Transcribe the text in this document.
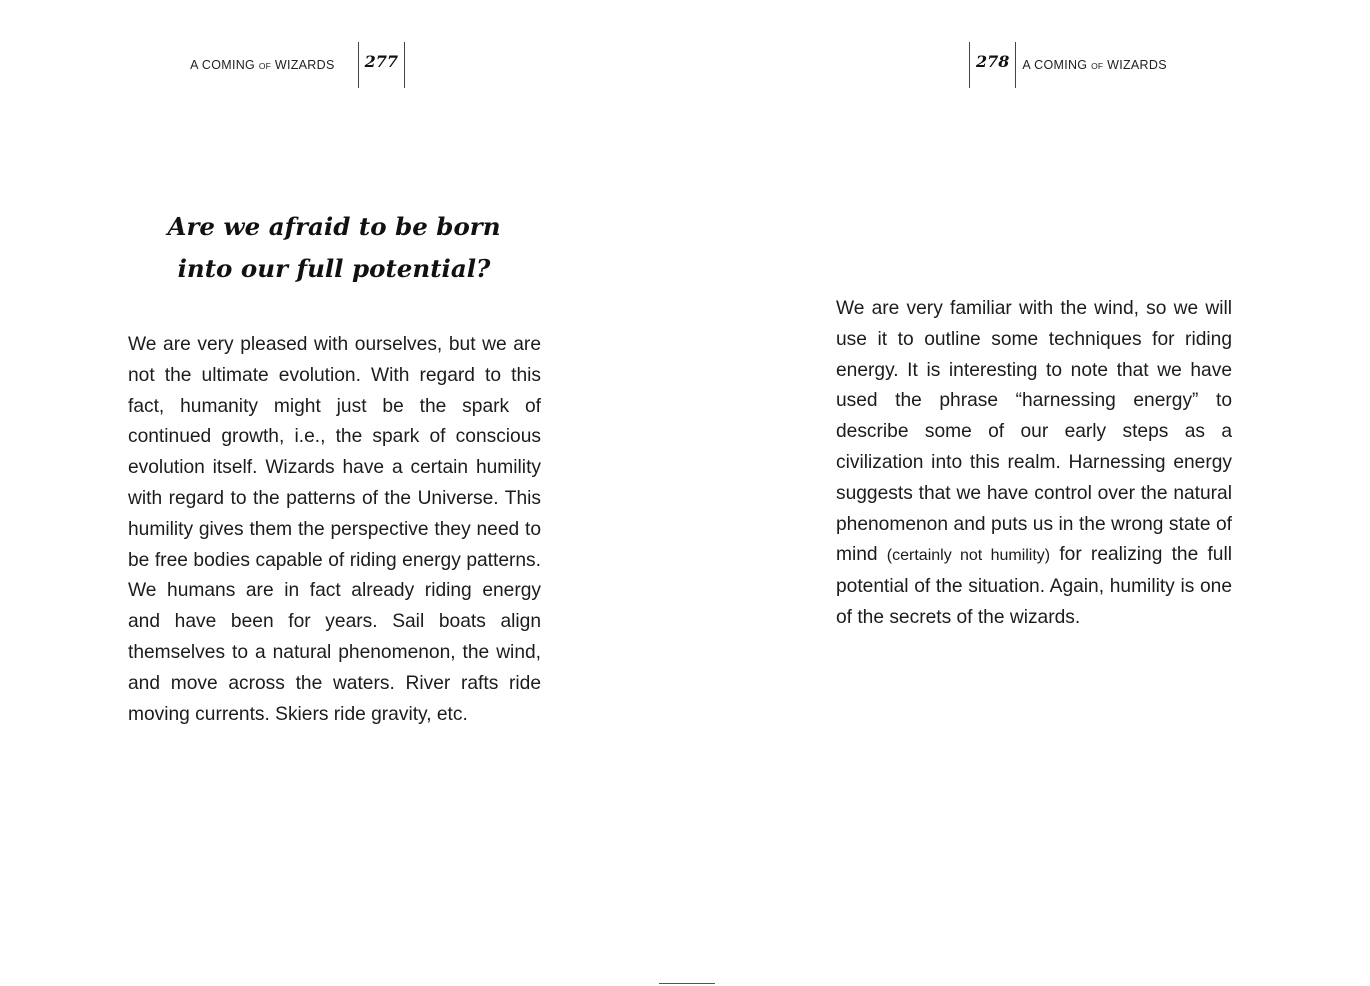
A COMING OF WIZARDS 277
Are we afraid to be born
into our full potential?

We are very pleased with ourselves, but we are not the ultimate evolution. With regard to this fact, humanity might just be the spark of continued growth, i.e., the spark of conscious evolution itself. Wizards have a certain humility with regard to the patterns of the Universe. This humility gives them the perspective they need to be free bodies capable of riding energy patterns. We humans are in fact already riding energy and have been for years. Sail boats align themselves to a natural phenomenon, the wind, and move across the waters. River rafts ride moving currents. Skiers ride gravity, etc.

278 A COMING OF WIZARDS

We are very familiar with the wind, so we will use it to outline some techniques for riding energy. It is interesting to note that we have used the phrase “harnessing energy” to describe some of our early steps as a civilization into this realm. Harnessing energy suggests that we have control over the natural phenomenon and puts us in the wrong state of mind (certainly not humility) for realizing the full potential of the situation. Again, humility is one of the secrets of the wizards.
